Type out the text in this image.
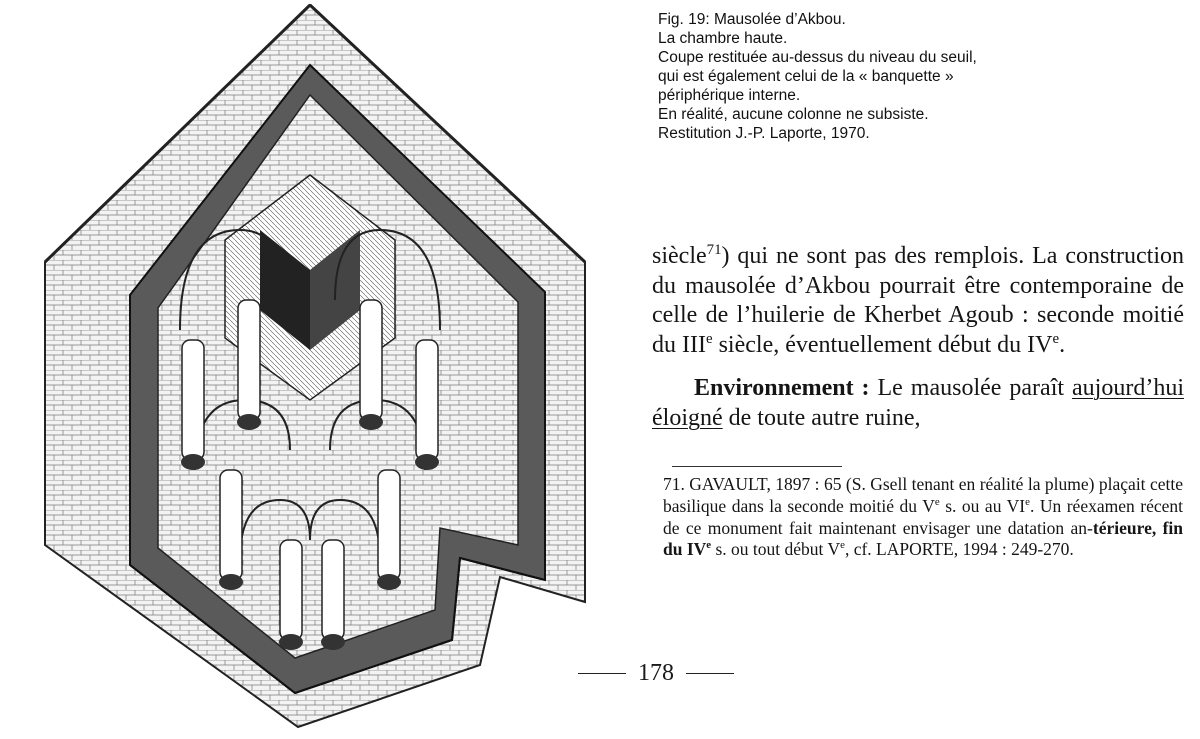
Fig. 19: Mausolée d’Akbou.
La chambre haute.
Coupe restituée au-dessus du niveau du seuil,
qui est également celui de la « banquette »
périphérique interne.
En réalité, aucune colonne ne subsiste.
Restitution J.-P. Laporte, 1970.

siècle$^{71}$) qui ne sont pas des remplois. La construction du mausolée d’Akbou pourrait être contemporaine de celle de l’huilerie de Kherbet Agoub : seconde moitié du IIIe siècle, éventuellement début du IVe.

Environnement : Le mausolée paraît aujourd’hui éloigné de toute autre ruine,

71. GAVAULT, 1897 : 65 (S. Gsell tenant en réalité la plume) plaçait cette basilique dans la seconde moitié du Ve s. ou au VIe. Un réexamen récent de ce monument fait maintenant envisager une datation an-térieure, fin du IVe s. ou tout début Ve, cf. LAPORTE, 1994 : 249-270.
178
